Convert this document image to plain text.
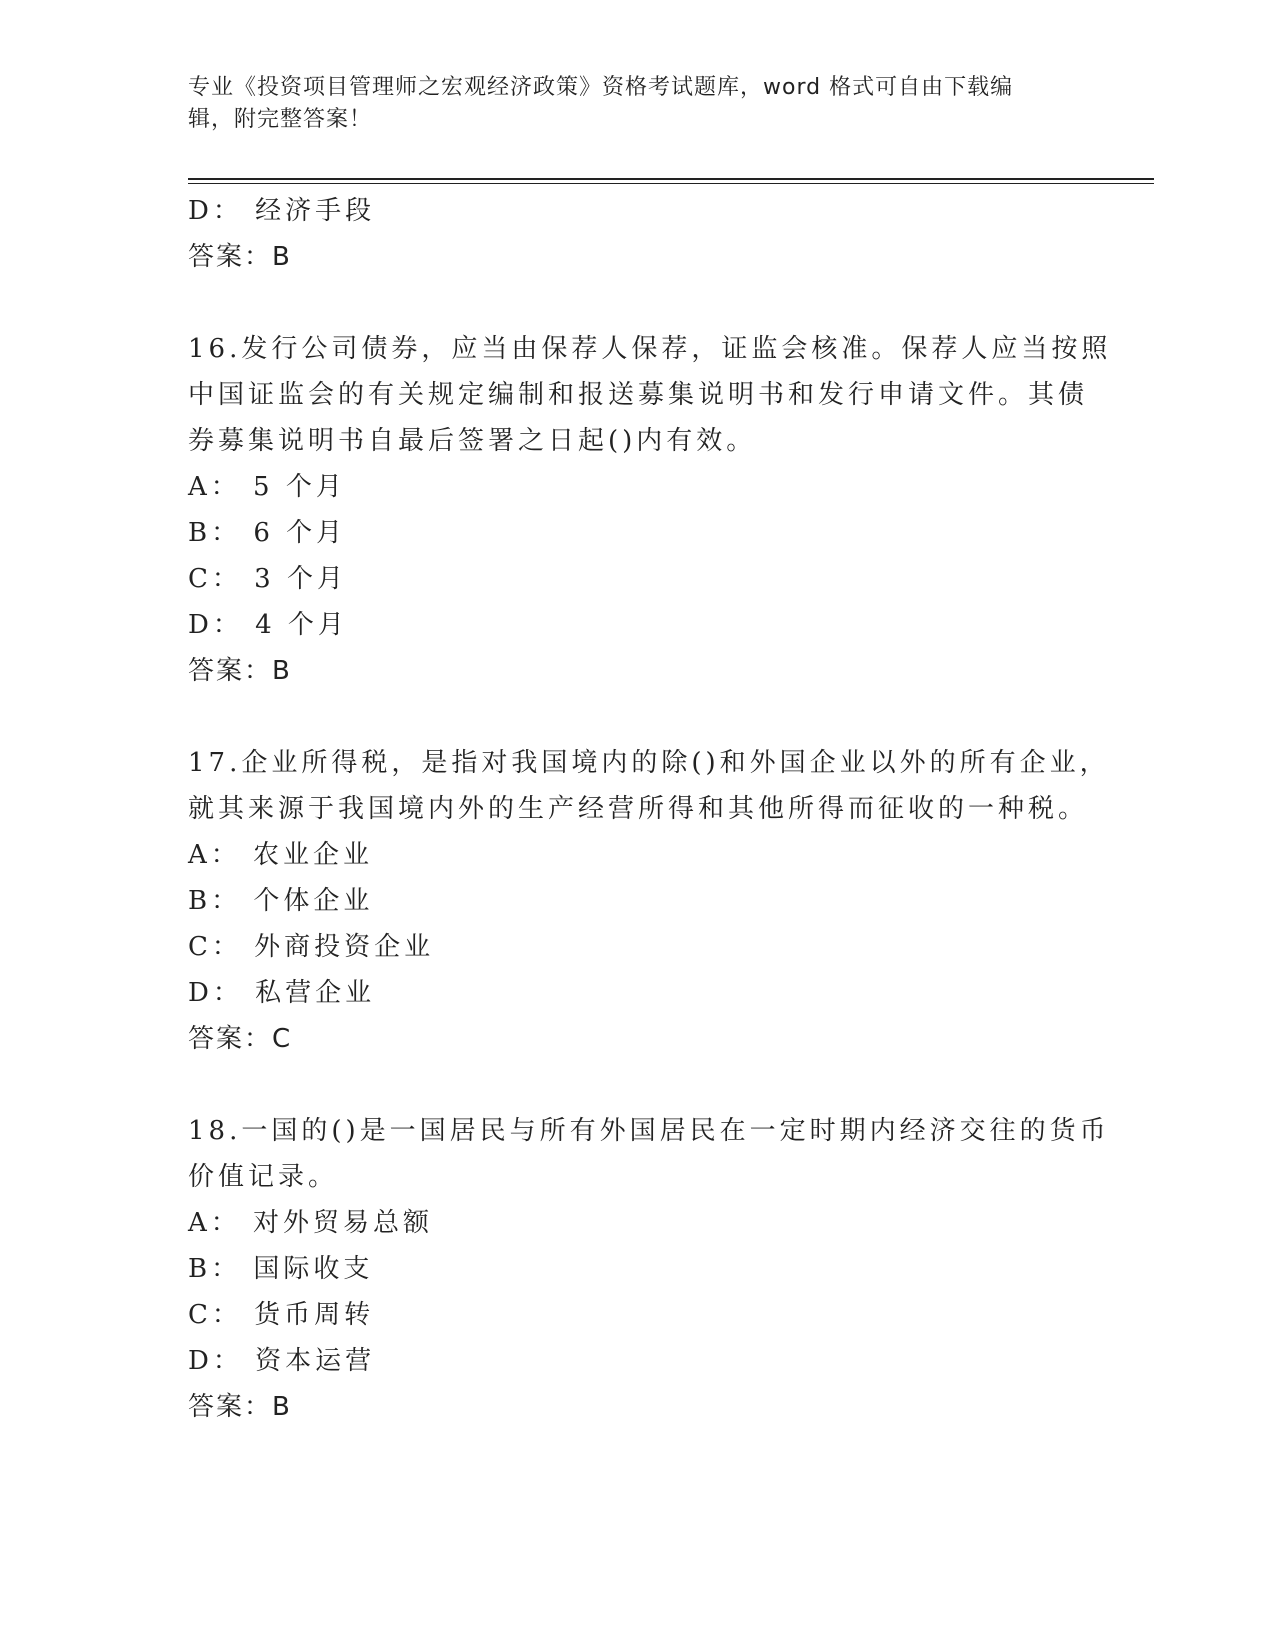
专业《投资项目管理师之宏观经济政策》资格考试题库，word 格式可自由下载编
辑，附完整答案！
D： 经济手段
答案：B
16.发行公司债券，应当由保荐人保荐，证监会核准。保荐人应当按照
中国证监会的有关规定编制和报送募集说明书和发行申请文件。其债
券募集说明书自最后签署之日起()内有效。
A： 5 个月
B： 6 个月
C： 3 个月
D： 4 个月
答案：B
17.企业所得税，是指对我国境内的除()和外国企业以外的所有企业，
就其来源于我国境内外的生产经营所得和其他所得而征收的一种税。
A： 农业企业
B： 个体企业
C： 外商投资企业
D： 私营企业
答案：C
18.一国的()是一国居民与所有外国居民在一定时期内经济交往的货币
价值记录。
A： 对外贸易总额
B： 国际收支
C： 货币周转
D： 资本运营
答案：B
